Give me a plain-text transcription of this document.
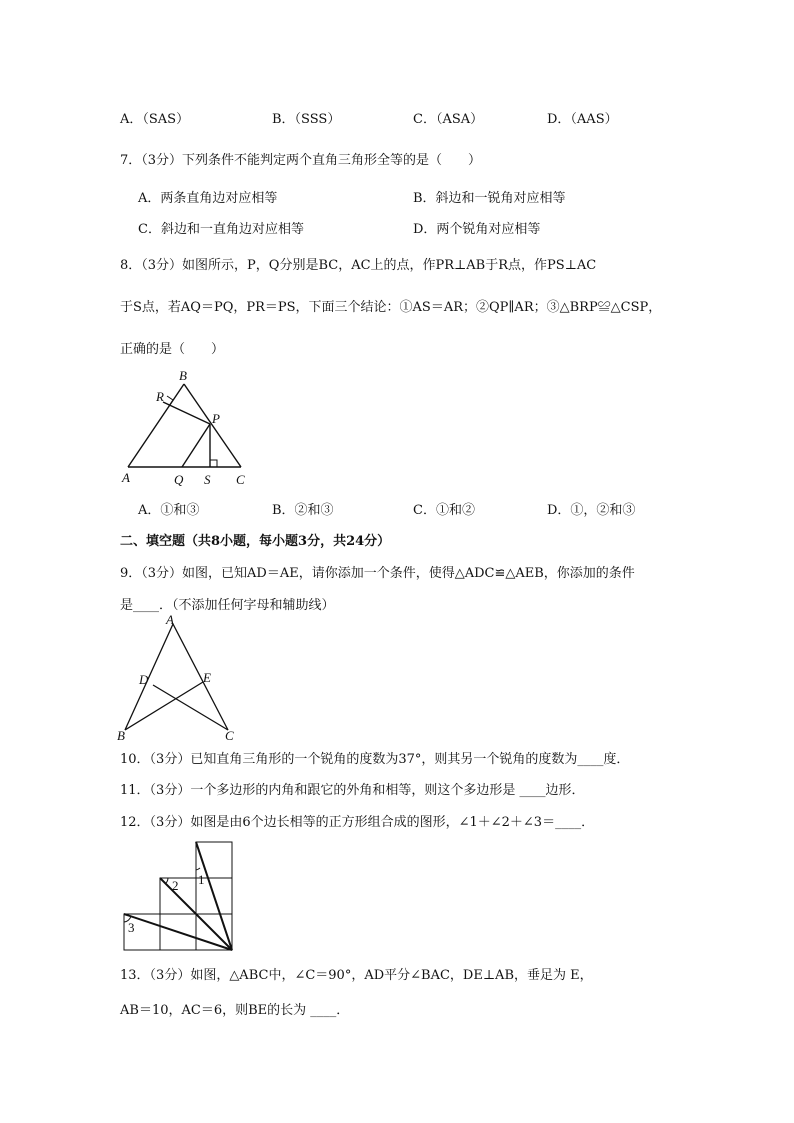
A．（SAS）	B．（SSS）	C．（ASA）	D．（AAS）
7．（3分）下列条件不能判定两个直角三角形全等的是（　　）
A．两条直角边对应相等	B．斜边和一锐角对应相等
C．斜边和一直角边对应相等	D．两个锐角对应相等
8．（3分）如图所示，P，Q分别是BC，AC上的点，作PR⊥AB于R点，作PS⊥AC
于S点，若AQ＝PQ，PR＝PS，下面三个结论：①AS＝AR；②QP∥AR；③△BRP≌△CSP，
正确的是（　　）
B
R
P
A	Q S C
A．①和③	B．②和③	C．①和②	D．①，②和③
二、填空题（共8小题，每小题3分，共24分）
9．（3分）如图，已知AD＝AE，请你添加一个条件，使得△ADC≌△AEB，你添加的条件
是____．（不添加任何字母和辅助线）
A
D	E
B	C
10．（3分）已知直角三角形的一个锐角的度数为37°，则其另一个锐角的度数为____度．
11．（3分）一个多边形的内角和跟它的外角和相等，则这个多边形是 ____边形．
12．（3分）如图是由6个边长相等的正方形组合成的图形，∠1＋∠2＋∠3＝____．
1
2
3
13．（3分）如图，△ABC中，∠C＝90°，AD平分∠BAC，DE⊥AB，垂足为 E，
AB＝10，AC＝6，则BE的长为 ____．
